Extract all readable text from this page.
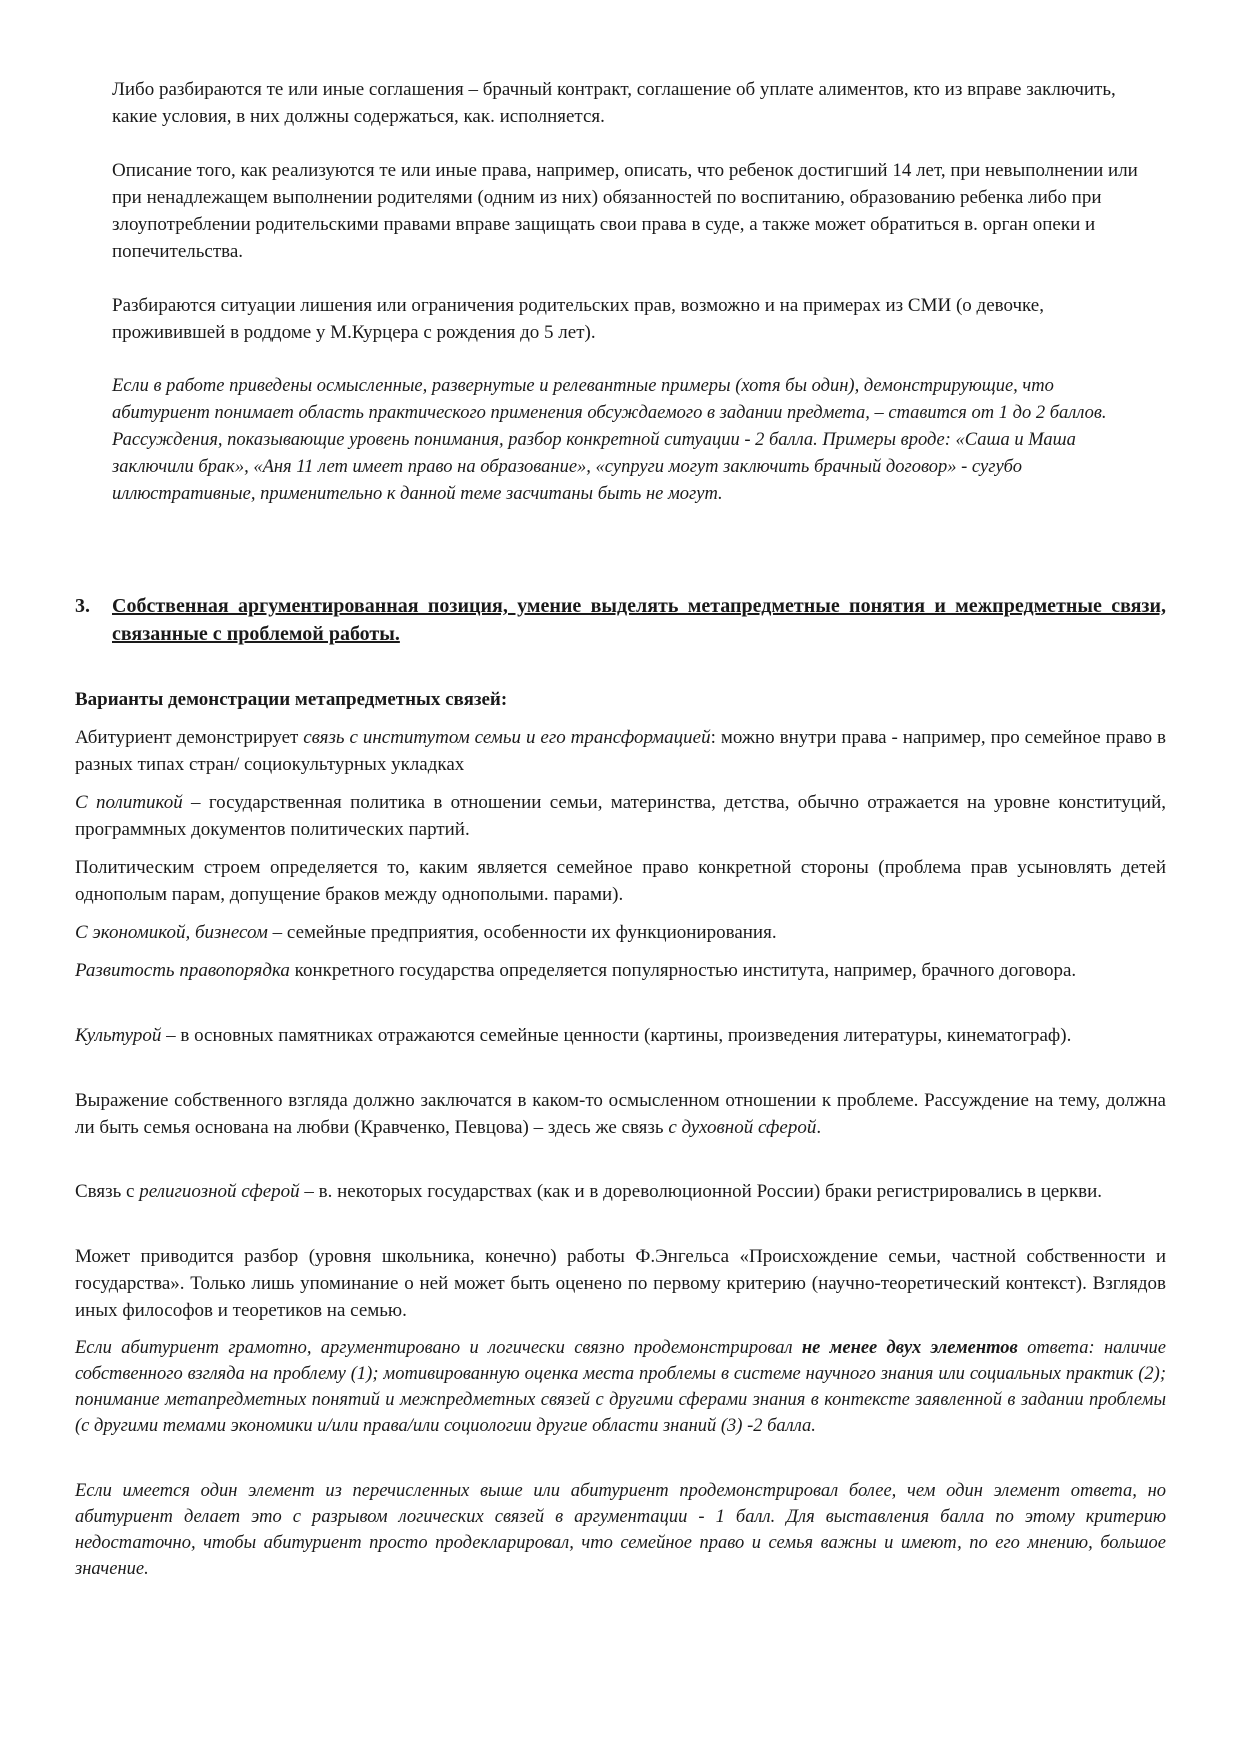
Либо разбираются те или иные соглашения – брачный контракт, соглашение об уплате алиментов, кто из вправе заключить, какие условия, в них должны содержаться, как. исполняется.

Описание того, как реализуются те или иные права, например, описать, что ребенок достигший 14 лет, при невыполнении или при ненадлежащем выполнении родителями (одним из них) обязанностей по воспитанию, образованию ребенка либо при злоупотреблении родительскими правами вправе защищать свои права в суде, а также может обратиться в. орган опеки и попечительства.

Разбираются ситуации лишения или ограничения родительских прав, возможно и на примерах из СМИ (о девочке, проживившей в роддоме у М.Курцера с рождения до 5 лет).

Если в работе приведены осмысленные, развернутые и релевантные примеры (хотя бы один), демонстрирующие, что абитуриент понимает область практического применения обсуждаемого в задании предмета, – ставится от 1 до 2 баллов. Рассуждения, показывающие уровень понимания, разбор конкретной ситуации - 2 балла. Примеры вроде: «Саша и Маша заключили брак», «Аня 11 лет имеет право на образование», «супруги могут заключить брачный договор» - сугубо иллюстративные, применительно к данной теме засчитаны быть не могут.

3. Собственная аргументированная позиция, умение выделять метапредметные понятия и межпредметные связи, связанные с проблемой работы.

Варианты демонстрации метапредметных связей:

Абитуриент демонстрирует связь с институтом семьи и его трансформацией: можно внутри права - например, про семейное право в разных типах стран/ социокультурных укладках

С политикой – государственная политика в отношении семьи, материнства, детства, обычно отражается на уровне конституций, программных документов политических партий.

Политическим строем определяется то, каким является семейное право конкретной стороны (проблема прав усыновлять детей однополым парам, допущение браков между однополыми. парами).

С экономикой, бизнесом – семейные предприятия, особенности их функционирования.

Развитость правопорядка конкретного государства определяется популярностью института, например, брачного договора.

Культурой – в основных памятниках отражаются семейные ценности (картины, произведения литературы, кинематограф).

Выражение собственного взгляда должно заключатся в каком-то осмысленном отношении к проблеме. Рассуждение на тему, должна ли быть семья основана на любви (Кравченко, Певцова) – здесь же связь с духовной сферой.

Связь с религиозной сферой – в. некоторых государствах (как и в дореволюционной России) браки регистрировались в церкви.

Может приводится разбор (уровня школьника, конечно) работы Ф.Энгельса «Происхождение семьи, частной собственности и государства». Только лишь упоминание о ней может быть оценено по первому критерию (научно-теоретический контекст). Взглядов иных философов и теоретиков на семью.

Если абитуриент грамотно, аргументировано и логически связно продемонстрировал не менее двух элементов ответа: наличие собственного взгляда на проблему (1); мотивированную оценка места проблемы в системе научного знания или социальных практик (2); понимание метапредметных понятий и межпредметных связей с другими сферами знания в контексте заявленной в задании проблемы (с другими темами экономики и/или права/или социологии другие области знаний (3) -2 балла.

Если имеется один элемент из перечисленных выше или абитуриент продемонстрировал более, чем один элемент ответа, но абитуриент делает это с разрывом логических связей в аргументации - 1 балл. Для выставления балла по этому критерию недостаточно, чтобы абитуриент просто продекларировал, что семейное право и семья важны и имеют, по его мнению, большое значение.
